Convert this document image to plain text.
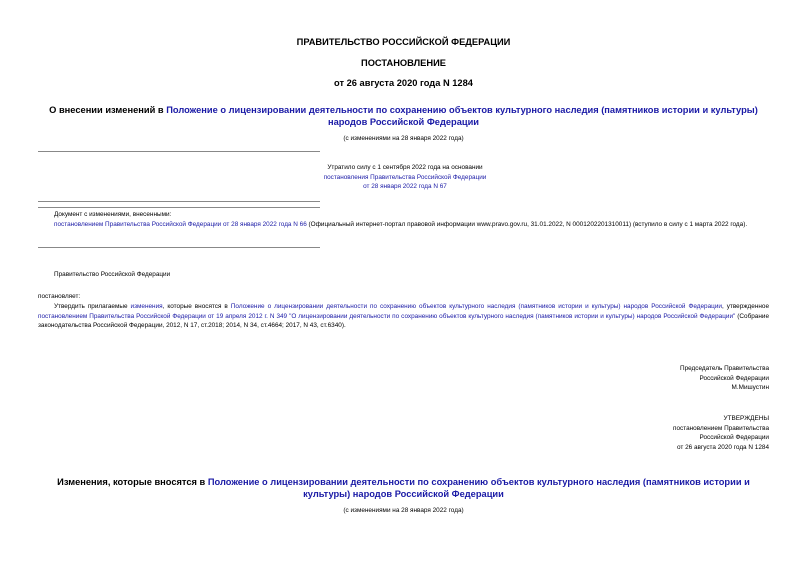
ПРАВИТЕЛЬСТВО РОССИЙСКОЙ ФЕДЕРАЦИИ
ПОСТАНОВЛЕНИЕ
от 26 августа 2020 года N 1284
О внесении изменений в Положение о лицензировании деятельности по сохранению объектов культурного наследия (памятников истории и культуры) народов Российской Федерации
(с изменениями на 28 января 2022 года)
Утратило силу с 1 сентября 2022 года на основании
постановления Правительства Российской Федерации
от 28 января 2022 года N 67
Документ с изменениями, внесенными:
постановлением Правительства Российской Федерации от 28 января 2022 года N 66 (Официальный интернет-портал правовой информации www.pravo.gov.ru, 31.01.2022, N 0001202201310011) (вступило в силу с 1 марта 2022 года).
Правительство Российской Федерации
постановляет:
Утвердить прилагаемые изменения, которые вносятся в Положение о лицензировании деятельности по сохранению объектов культурного наследия (памятников истории и культуры) народов Российской Федерации, утвержденное постановлением Правительства Российской Федерации от 19 апреля 2012 г. N 349 "О лицензировании деятельности по сохранению объектов культурного наследия (памятников истории и культуры) народов Российской Федерации" (Собрание законодательства Российской Федерации, 2012, N 17, ст.2018; 2014, N 34, ст.4664; 2017, N 43, ст.6340).
Председатель Правительства
Российской Федерации
М.Мишустин
УТВЕРЖДЕНЫ
постановлением Правительства
Российской Федерации
от 26 августа 2020 года N 1284
Изменения, которые вносятся в Положение о лицензировании деятельности по сохранению объектов культурного наследия (памятников истории и культуры) народов Российской Федерации
(с изменениями на 28 января 2022 года)
